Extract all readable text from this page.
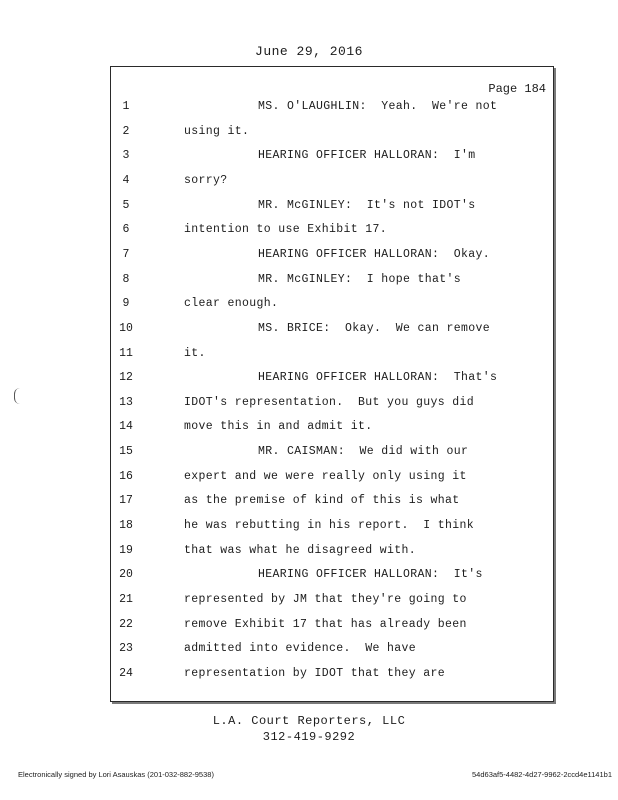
June 29, 2016
Page 184
1	MS. O'LAUGHLIN:  Yeah.  We're not
2	using it.
3	HEARING OFFICER HALLORAN:  I'm
4	sorry?
5	MR. McGINLEY:  It's not IDOT's
6	intention to use Exhibit 17.
7	HEARING OFFICER HALLORAN:  Okay.
8	MR. McGINLEY:  I hope that's
9	clear enough.
10	MS. BRICE:  Okay.  We can remove
11	it.
12	HEARING OFFICER HALLORAN:  That's
13	IDOT's representation.  But you guys did
14	move this in and admit it.
15	MR. CAISMAN:  We did with our
16	expert and we were really only using it
17	as the premise of kind of this is what
18	he was rebutting in his report.  I think
19	that was what he disagreed with.
20	HEARING OFFICER HALLORAN:  It's
21	represented by JM that they're going to
22	remove Exhibit 17 that has already been
23	admitted into evidence.  We have
24	representation by IDOT that they are
L.A. Court Reporters, LLC
312-419-9292
Electronically signed by Lori Asauskas (201-032-882-9538)	54d63af5-4482-4d27-9962-2ccd4e1141b1
